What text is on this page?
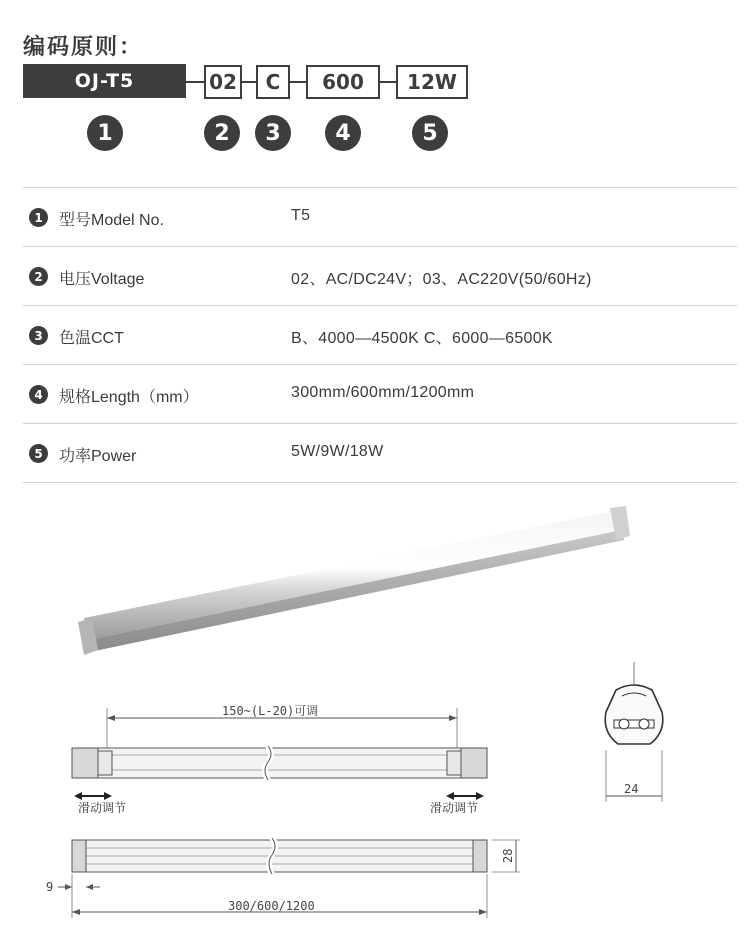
编码原则：
OJ-T5	02	C	600	12W
1	2	3	4	5
1	型号Model No.	T5
2	电压Voltage	02、AC/DC24V；03、AC220V(50/60Hz)
3	色温CCT	B、4000—4500K C、6000—6500K
4	规格Length（mm）	300mm/600mm/1200mm
5	功率Power	5W/9W/18W
150~(L-20)可调
滑动调节	滑动调节
28
9
300/600/1200
24
